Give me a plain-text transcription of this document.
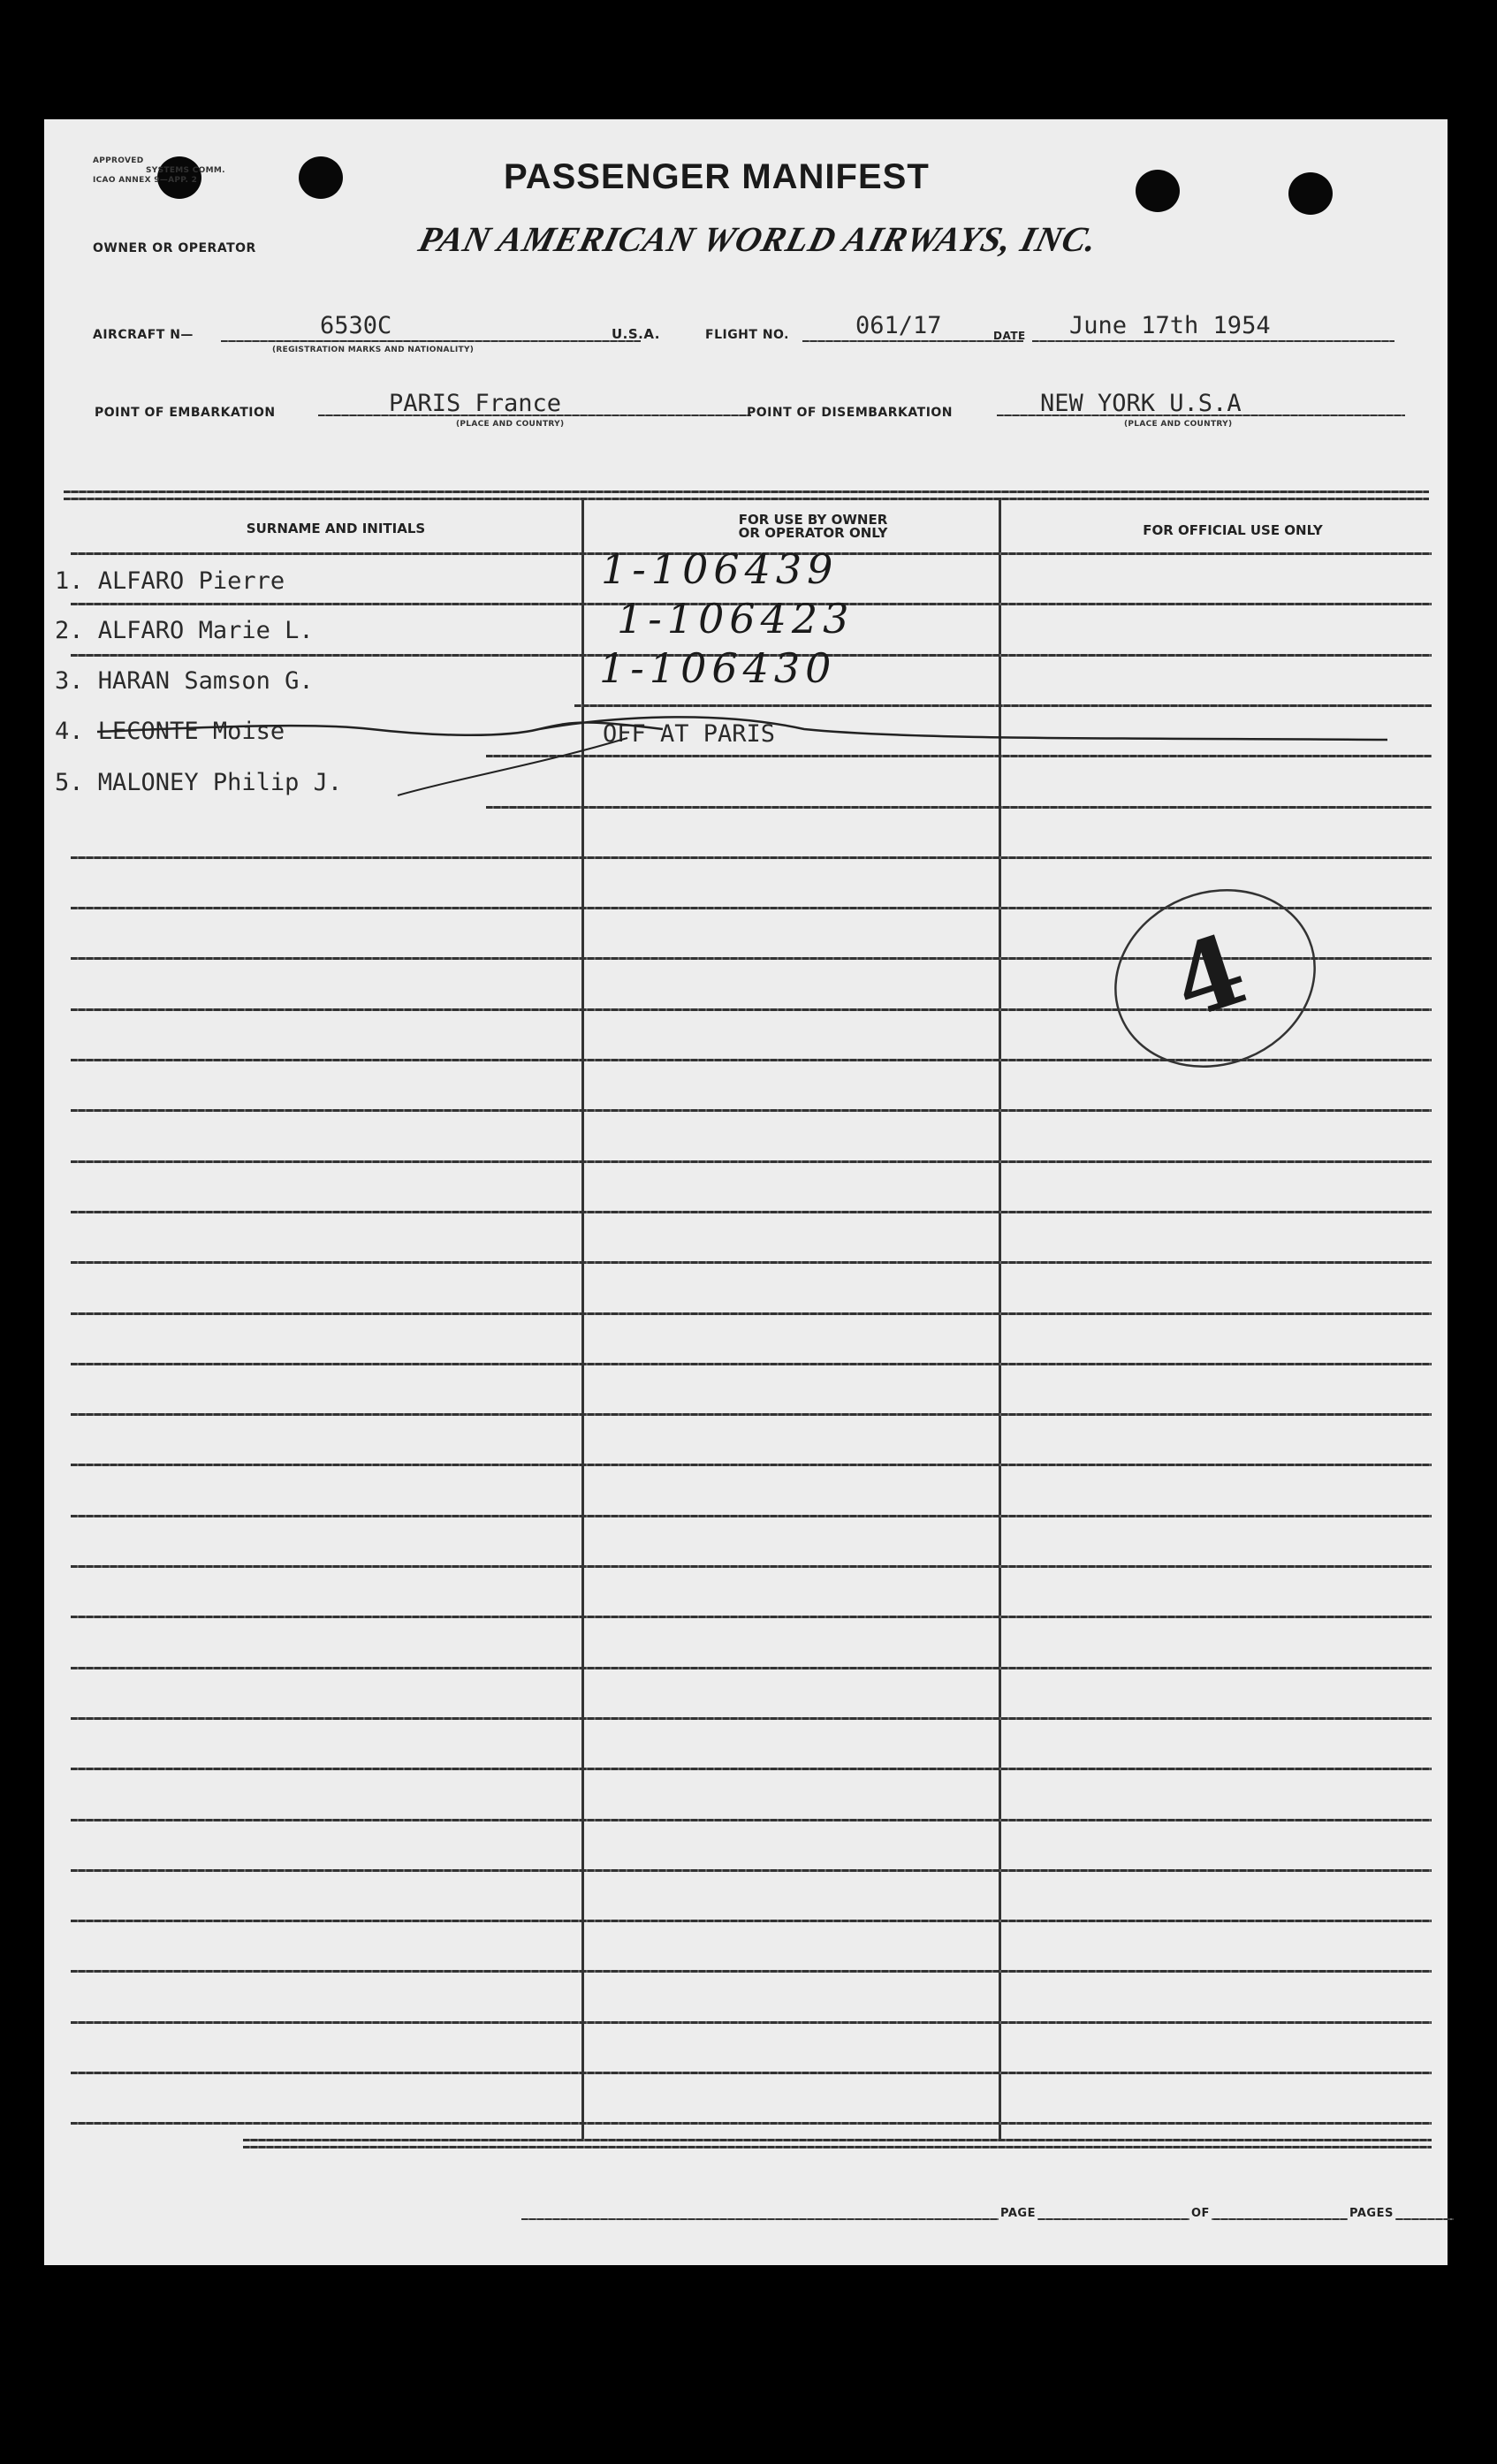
APPROVED
SYSTEMS COMM.
ICAO ANNEX 9—APP. 2	PASSENGER MANIFEST
OWNER OR OPERATOR	PAN AMERICAN WORLD AIRWAYS, INC.
AIRCRAFT N—	6530C
(REGISTRATION MARKS AND NATIONALITY)
U.S.A.	FLIGHT NO.	061/17	DATE June 17th 1954
POINT OF EMBARKATION	PARIS France
(PLACE AND COUNTRY)
POINT OF DISEMBARKATION	NEW YORK U.S.A
(PLACE AND COUNTRY)
SURNAME AND INITIALS
FOR USE BY OWNER
OR OPERATOR ONLY	FOR OFFICIAL USE ONLY
1. ALFARO Pierre	1-106439
2. ALFARO Marie L.	1-106423
3. HARAN Samson G.	1-106430
4. LECONTE Moise	OFF AT PARIS
5. MALONEY Philip J.
4
PAGE	OF	PAGES
